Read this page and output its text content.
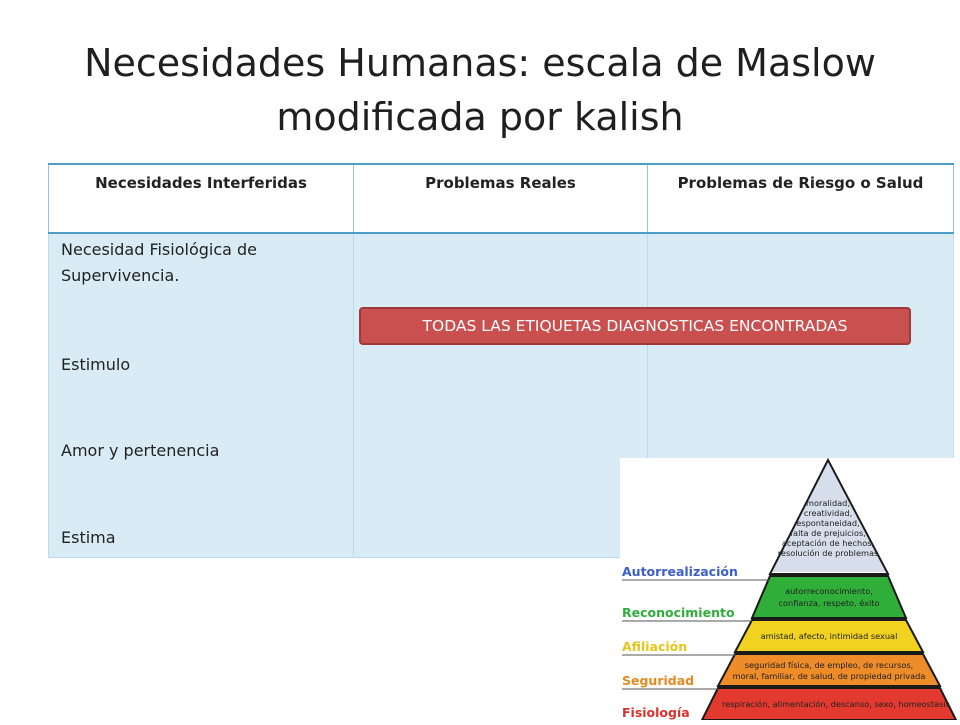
Necesidades Humanas: escala de Maslow modificada por kalish
Necesidades Interferidas	Problemas Reales	Problemas de Riesgo o Salud

Necesidad Fisiológica de Supervivencia.
Estimulo
Amor y pertenencia
Estima
TODAS LAS ETIQUETAS DIAGNOSTICAS ENCONTRADAS
moralidad,
creatividad,
espontaneidad,
falta de prejuicios,
aceptación de hechos,
resolución de problemas
autorreconocimiento,
confianza, respeto, éxito
amistad, afecto, intimidad sexual
seguridad física, de empleo, de recursos,
moral, familiar, de salud, de propiedad privada
respiración, alimentación, descanso, sexo, homeostasis
Autorrealización
Reconocimiento
Afiliación
Seguridad
Fisiología
